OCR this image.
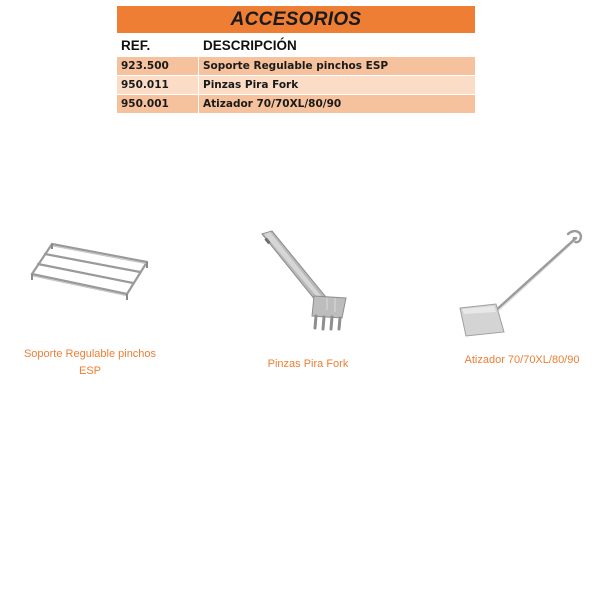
ACCESORIOS
REF.	DESCRIPCIÓN
923.500	Soporte Regulable pinchos ESP
950.011	Pinzas Pira Fork
950.001	Atizador 70/70XL/80/90
Soporte Regulable pinchos
ESP
Pinzas Pira Fork	Atizador 70/70XL/80/90
